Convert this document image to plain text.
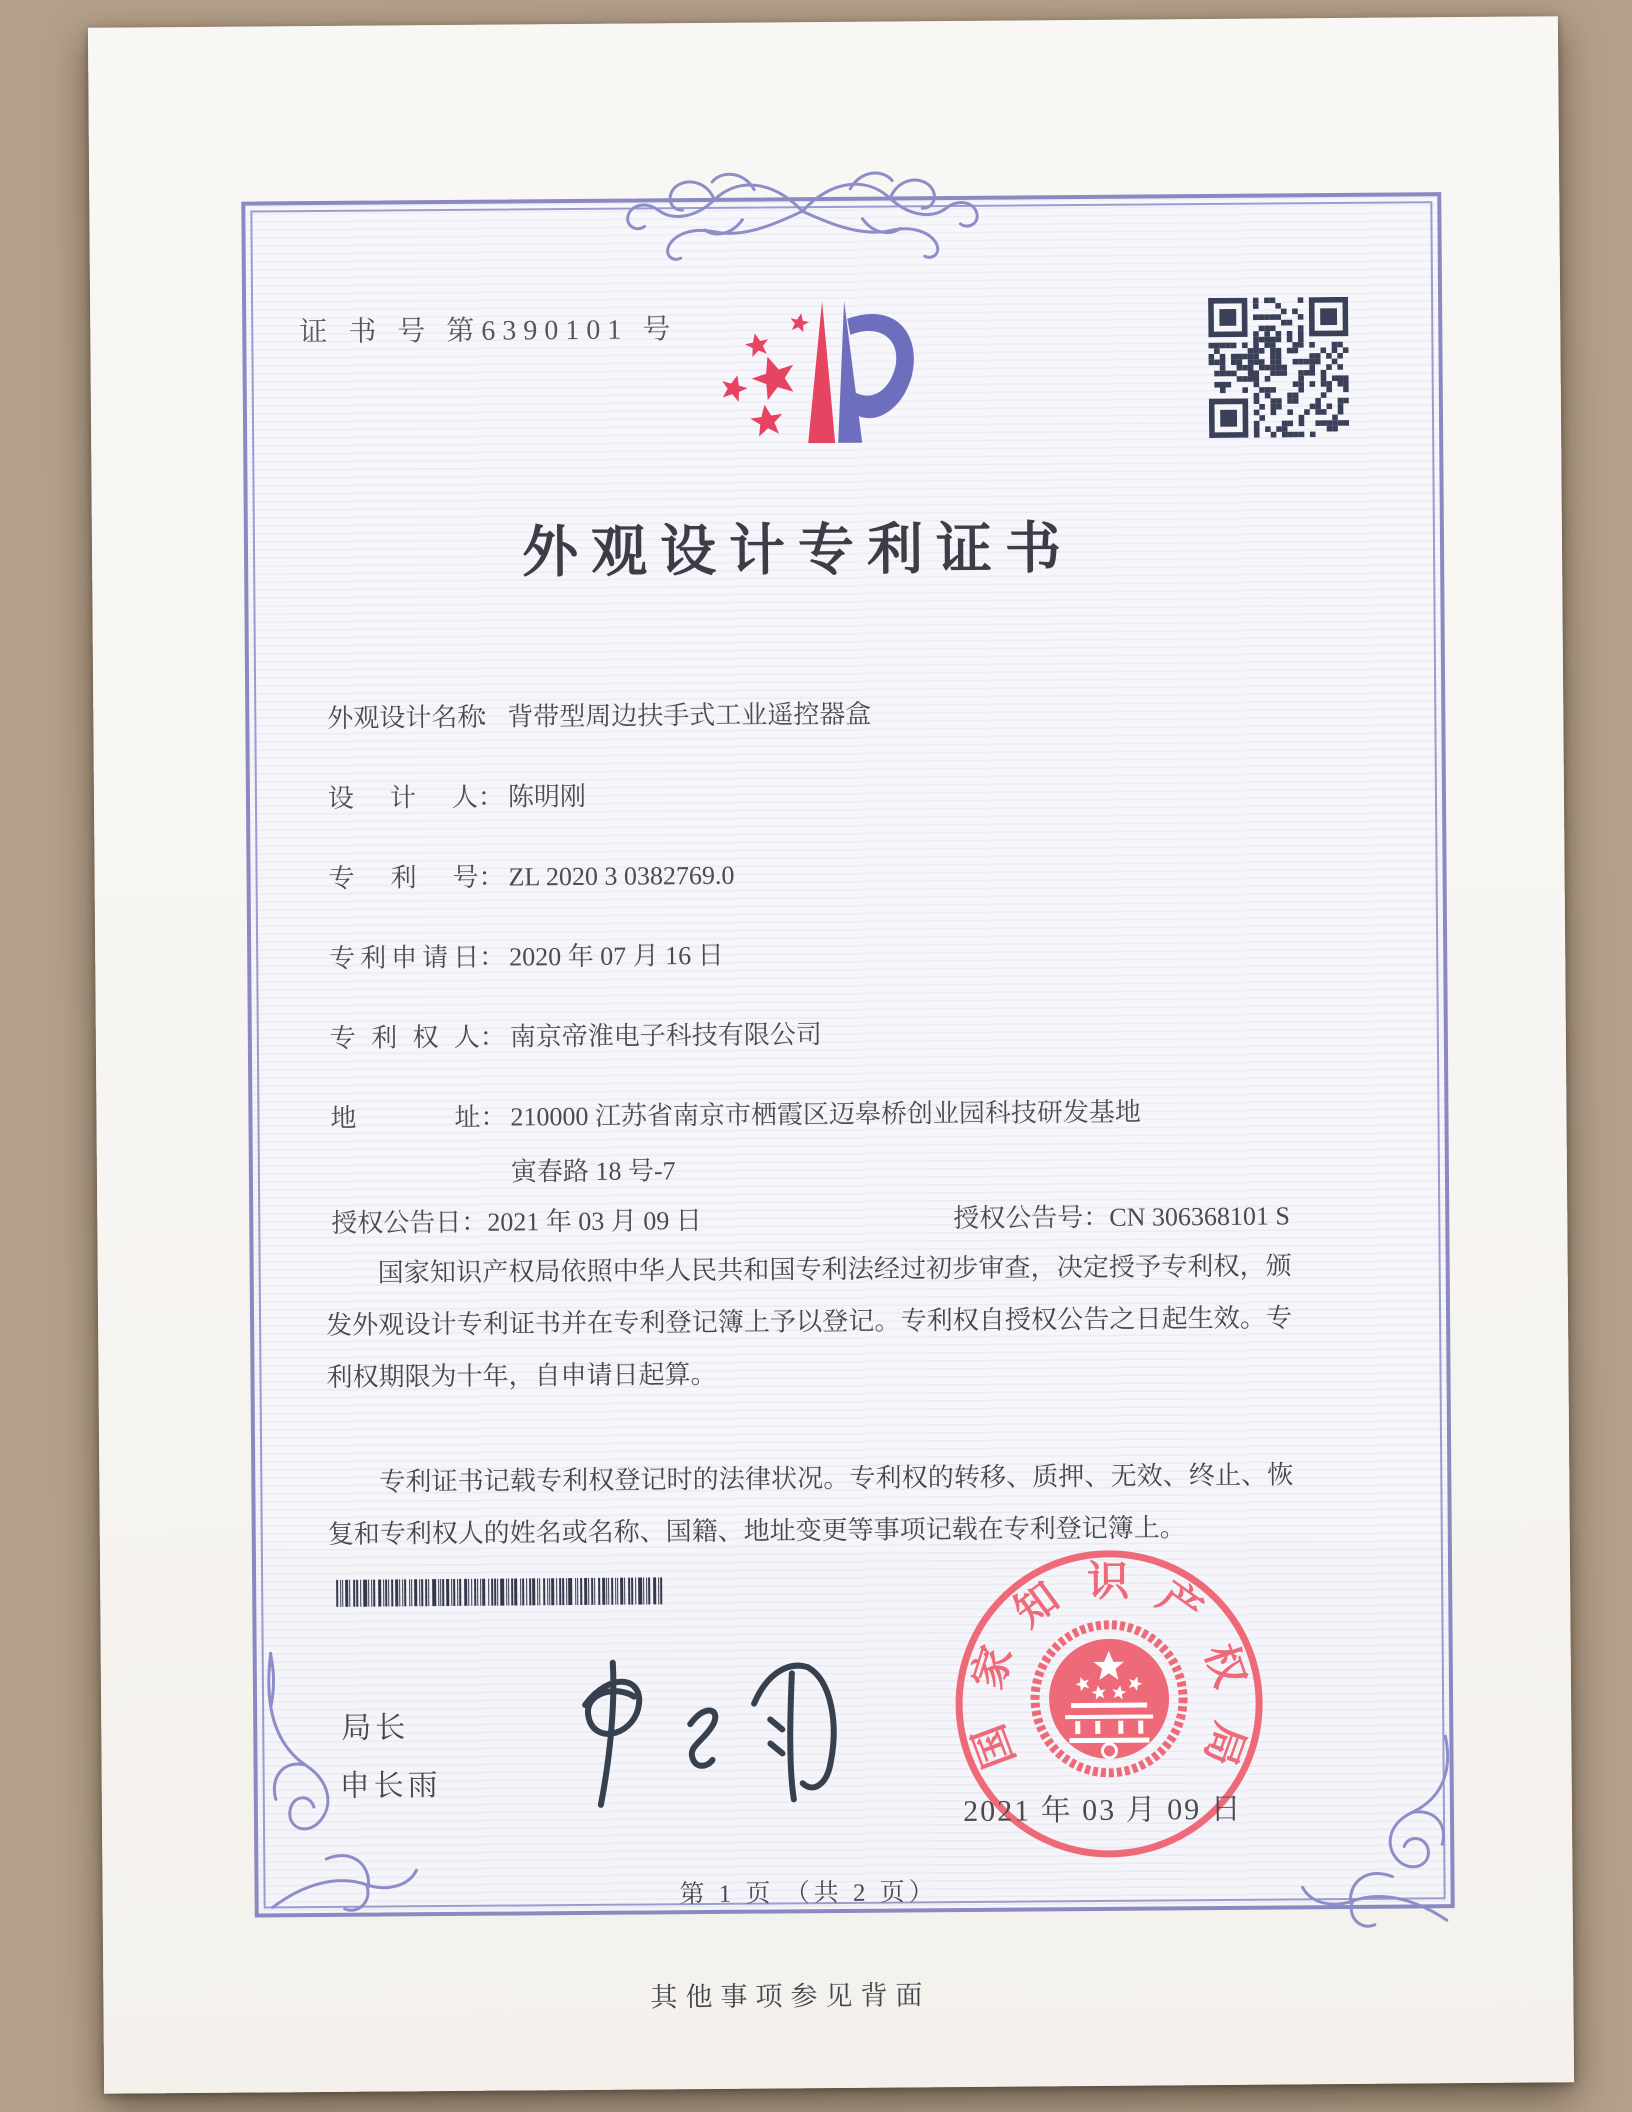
证 书 号 第6390101 号
外观设计专利证书
外观设计名称： 背带型周边扶手式工业遥控器盒
设计人： 陈明刚
专利号： ZL 2020 3 0382769.0
专利申请日： 2020 年 07 月 16 日
专利权人： 南京帝淮电子科技有限公司
地址： 210000 江苏省南京市栖霞区迈皋桥创业园科技研发基地
寅春路 18 号-7
授权公告日：2021 年 03 月 09 日	授权公告号：CN 306368101 S

国家知识产权局依照中华人民共和国专利法经过初步审查，决定授予专利权，颁发外观设计专利证书并在专利登记簿上予以登记。专利权自授权公告之日起生效。专利权期限为十年，自申请日起算。

专利证书记载专利权登记时的法律状况。专利权的转移、质押、无效、终止、恢复和专利权人的姓名或名称、国籍、地址变更等事项记载在专利登记簿上。

局长
申长雨
国
家
知 识 产
权
局
2021 年 03 月 09 日
第 1 页 （共 2 页）
其他事项参见背面
